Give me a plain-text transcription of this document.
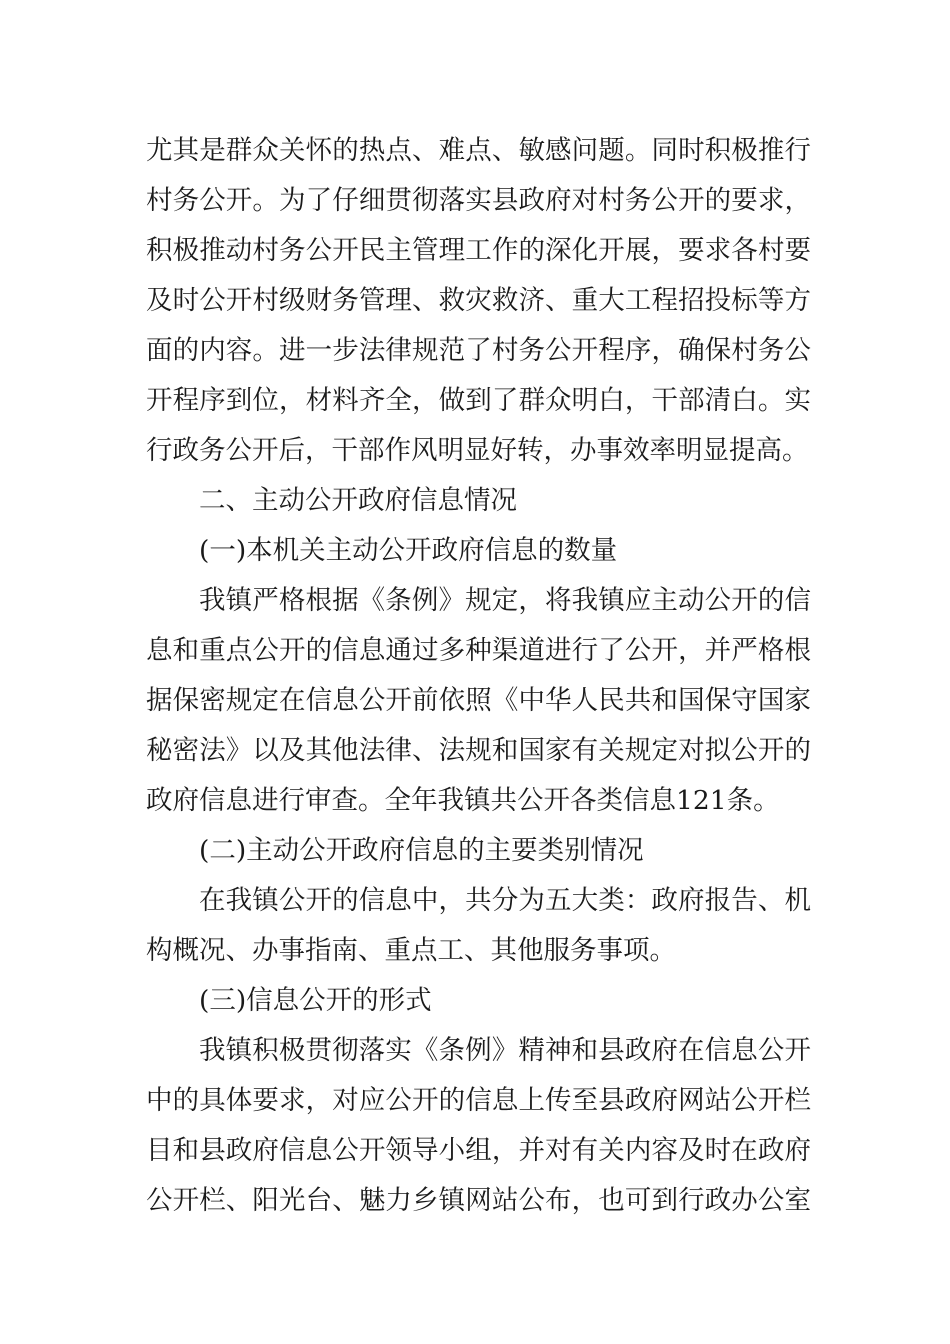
尤其是群众关怀的热点、难点、敏感问题。同时积极推行
村务公开。为了仔细贯彻落实县政府对村务公开的要求，
积极推动村务公开民主管理工作的深化开展，要求各村要
及时公开村级财务管理、救灾救济、重大工程招投标等方
面的内容。进一步法律规范了村务公开程序，确保村务公
开程序到位，材料齐全，做到了群众明白，干部清白。实
行政务公开后，干部作风明显好转，办事效率明显提高。
二、主动公开政府信息情况
(一)本机关主动公开政府信息的数量
我镇严格根据《条例》规定，将我镇应主动公开的信
息和重点公开的信息通过多种渠道进行了公开，并严格根
据保密规定在信息公开前依照《中华人民共和国保守国家
秘密法》以及其他法律、法规和国家有关规定对拟公开的
政府信息进行审查。全年我镇共公开各类信息121条。
(二)主动公开政府信息的主要类别情况
在我镇公开的信息中，共分为五大类：政府报告、机
构概况、办事指南、重点工、其他服务事项。
(三)信息公开的形式
我镇积极贯彻落实《条例》精神和县政府在信息公开
中的具体要求，对应公开的信息上传至县政府网站公开栏
目和县政府信息公开领导小组，并对有关内容及时在政府
公开栏、阳光台、魅力乡镇网站公布，也可到行政办公室
